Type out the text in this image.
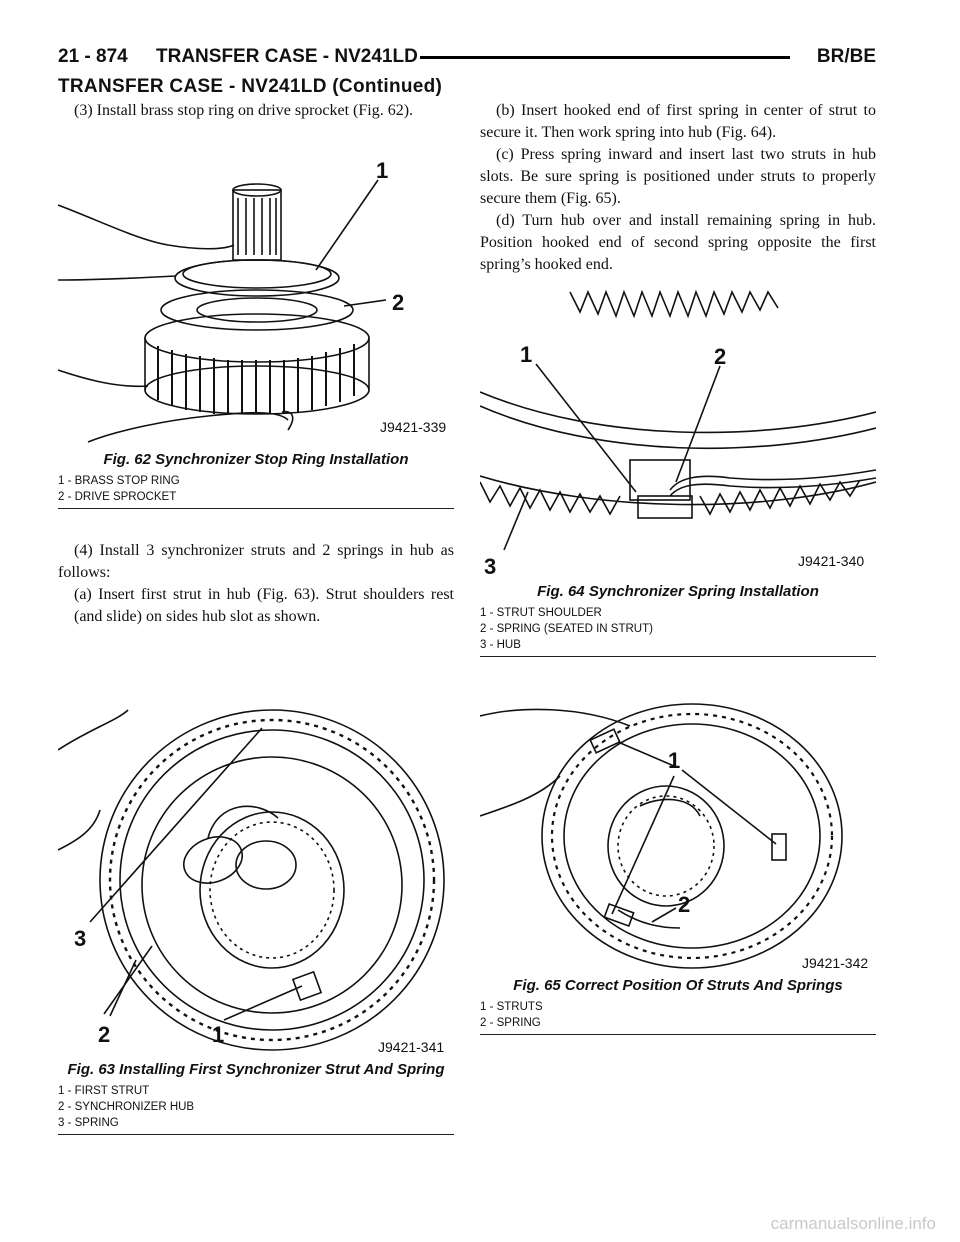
21 - 874 TRANSFER CASE - NV241LD	BR/BE
TRANSFER CASE - NV241LD (Continued)

(3) Install brass stop ring on drive sprocket (Fig. 62).

1
2
J9421-339
Fig. 62 Synchronizer Stop Ring Installation
1 - BRASS STOP RING
2 - DRIVE SPROCKET

(4) Install 3 synchronizer struts and 2 springs in hub as follows:

(a) Insert first strut in hub (Fig. 63). Strut shoulders rest (and slide) on sides hub slot as shown.

3
2	1	J9421-341
Fig. 63 Installing First Synchronizer Strut And Spring
1 - FIRST STRUT
2 - SYNCHRONIZER HUB
3 - SPRING

(b) Insert hooked end of first spring in center of strut to secure it. Then work spring into hub (Fig. 64).

(c) Press spring inward and insert last two struts in hub slots. Be sure spring is positioned under struts to properly secure them (Fig. 65).

(d) Turn hub over and install remaining spring in hub. Position hooked end of second spring opposite the first spring’s hooked end.

1	2
3	J9421-340
Fig. 64 Synchronizer Spring Installation
1 - STRUT SHOULDER
2 - SPRING (SEATED IN STRUT)
3 - HUB
1
2
J9421-342
Fig. 65 Correct Position Of Struts And Springs
1 - STRUTS
2 - SPRING
carmanualsonline.info
